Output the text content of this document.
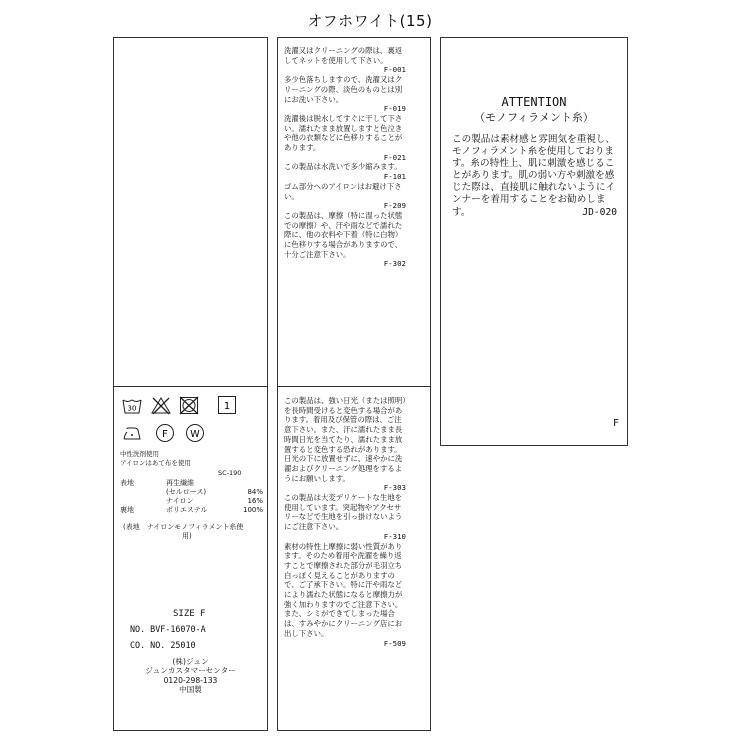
オフホワイト(15)
30	1
F W
中性洗剤使用
アイロンはあて布を使用
SC-190
表地	再生繊維	
	(セルロース)	84%
	ナイロン	16%
裏地	ポリエステル	100%
(表地　ナイロンモノフィラメント糸使
用)
SIZE F
NO. BVF-16070-A
CO. NO. 25010
(株)ジュン
ジュンカスタマーセンター
0120-298-133
中国製
洗濯又はクリーニングの際は、裏返してネットを使用して下さい。
F-001
多少色落ちしますので、洗濯又はクリーニングの際、淡色のものとは別にお洗い下さい。
F-019
洗濯後は脱水してすぐに干して下さい。濡れたまま放置しますと色泣きや他の衣類などに色移りすることがあります。
F-021
この製品は水洗いで多少縮みます。
F-101
ゴム部分へのアイロンはお避け下さい。
F-209
この製品は、摩擦（特に湿った状態での摩擦）や、汗や雨などで濡れた際に、他の衣料や下着（特に白物）に色移りする場合がありますので、十分ご注意下さい。
F-302
この製品は、強い日光（または照明）を長時間受けると変色する場合があります。着用及び保管の際は、ご注意下さい。また、汗に濡れたまま長時間日光を当てたり、濡れたまま放置すると変色する恐れがあります。日光の下に放置せずに、速やかに洗濯およびクリーニング処理をするようにお願いします。
F-303
この製品は大変デリケートな生地を使用しています。突起物やアクセサリーなどで生地を引っ掛けないようにご注意下さい。
F-310
素材の特性上摩擦に弱い性質があります。そのため着用や洗濯を繰り返すことで摩擦された部分が毛羽立ち白っぽく見えることがありますので、ご了承下さい。特に汗や雨などにより濡れた状態になると摩擦力が強く加わりますのでご注意下さい。また、シミができてしまった場合は、すみやかにクリーニング店にお出し下さい。
F-509
ATTENTION
（モノフィラメント糸）
この製品は素材感と雰囲気を重視し、モノフィラメント糸を使用しております。糸の特性上、肌に刺激を感じることがあります。肌の弱い方や刺激を感じた際は、直接肌に触れないようにインナーを着用することをお勧めします。	JD-020
F
